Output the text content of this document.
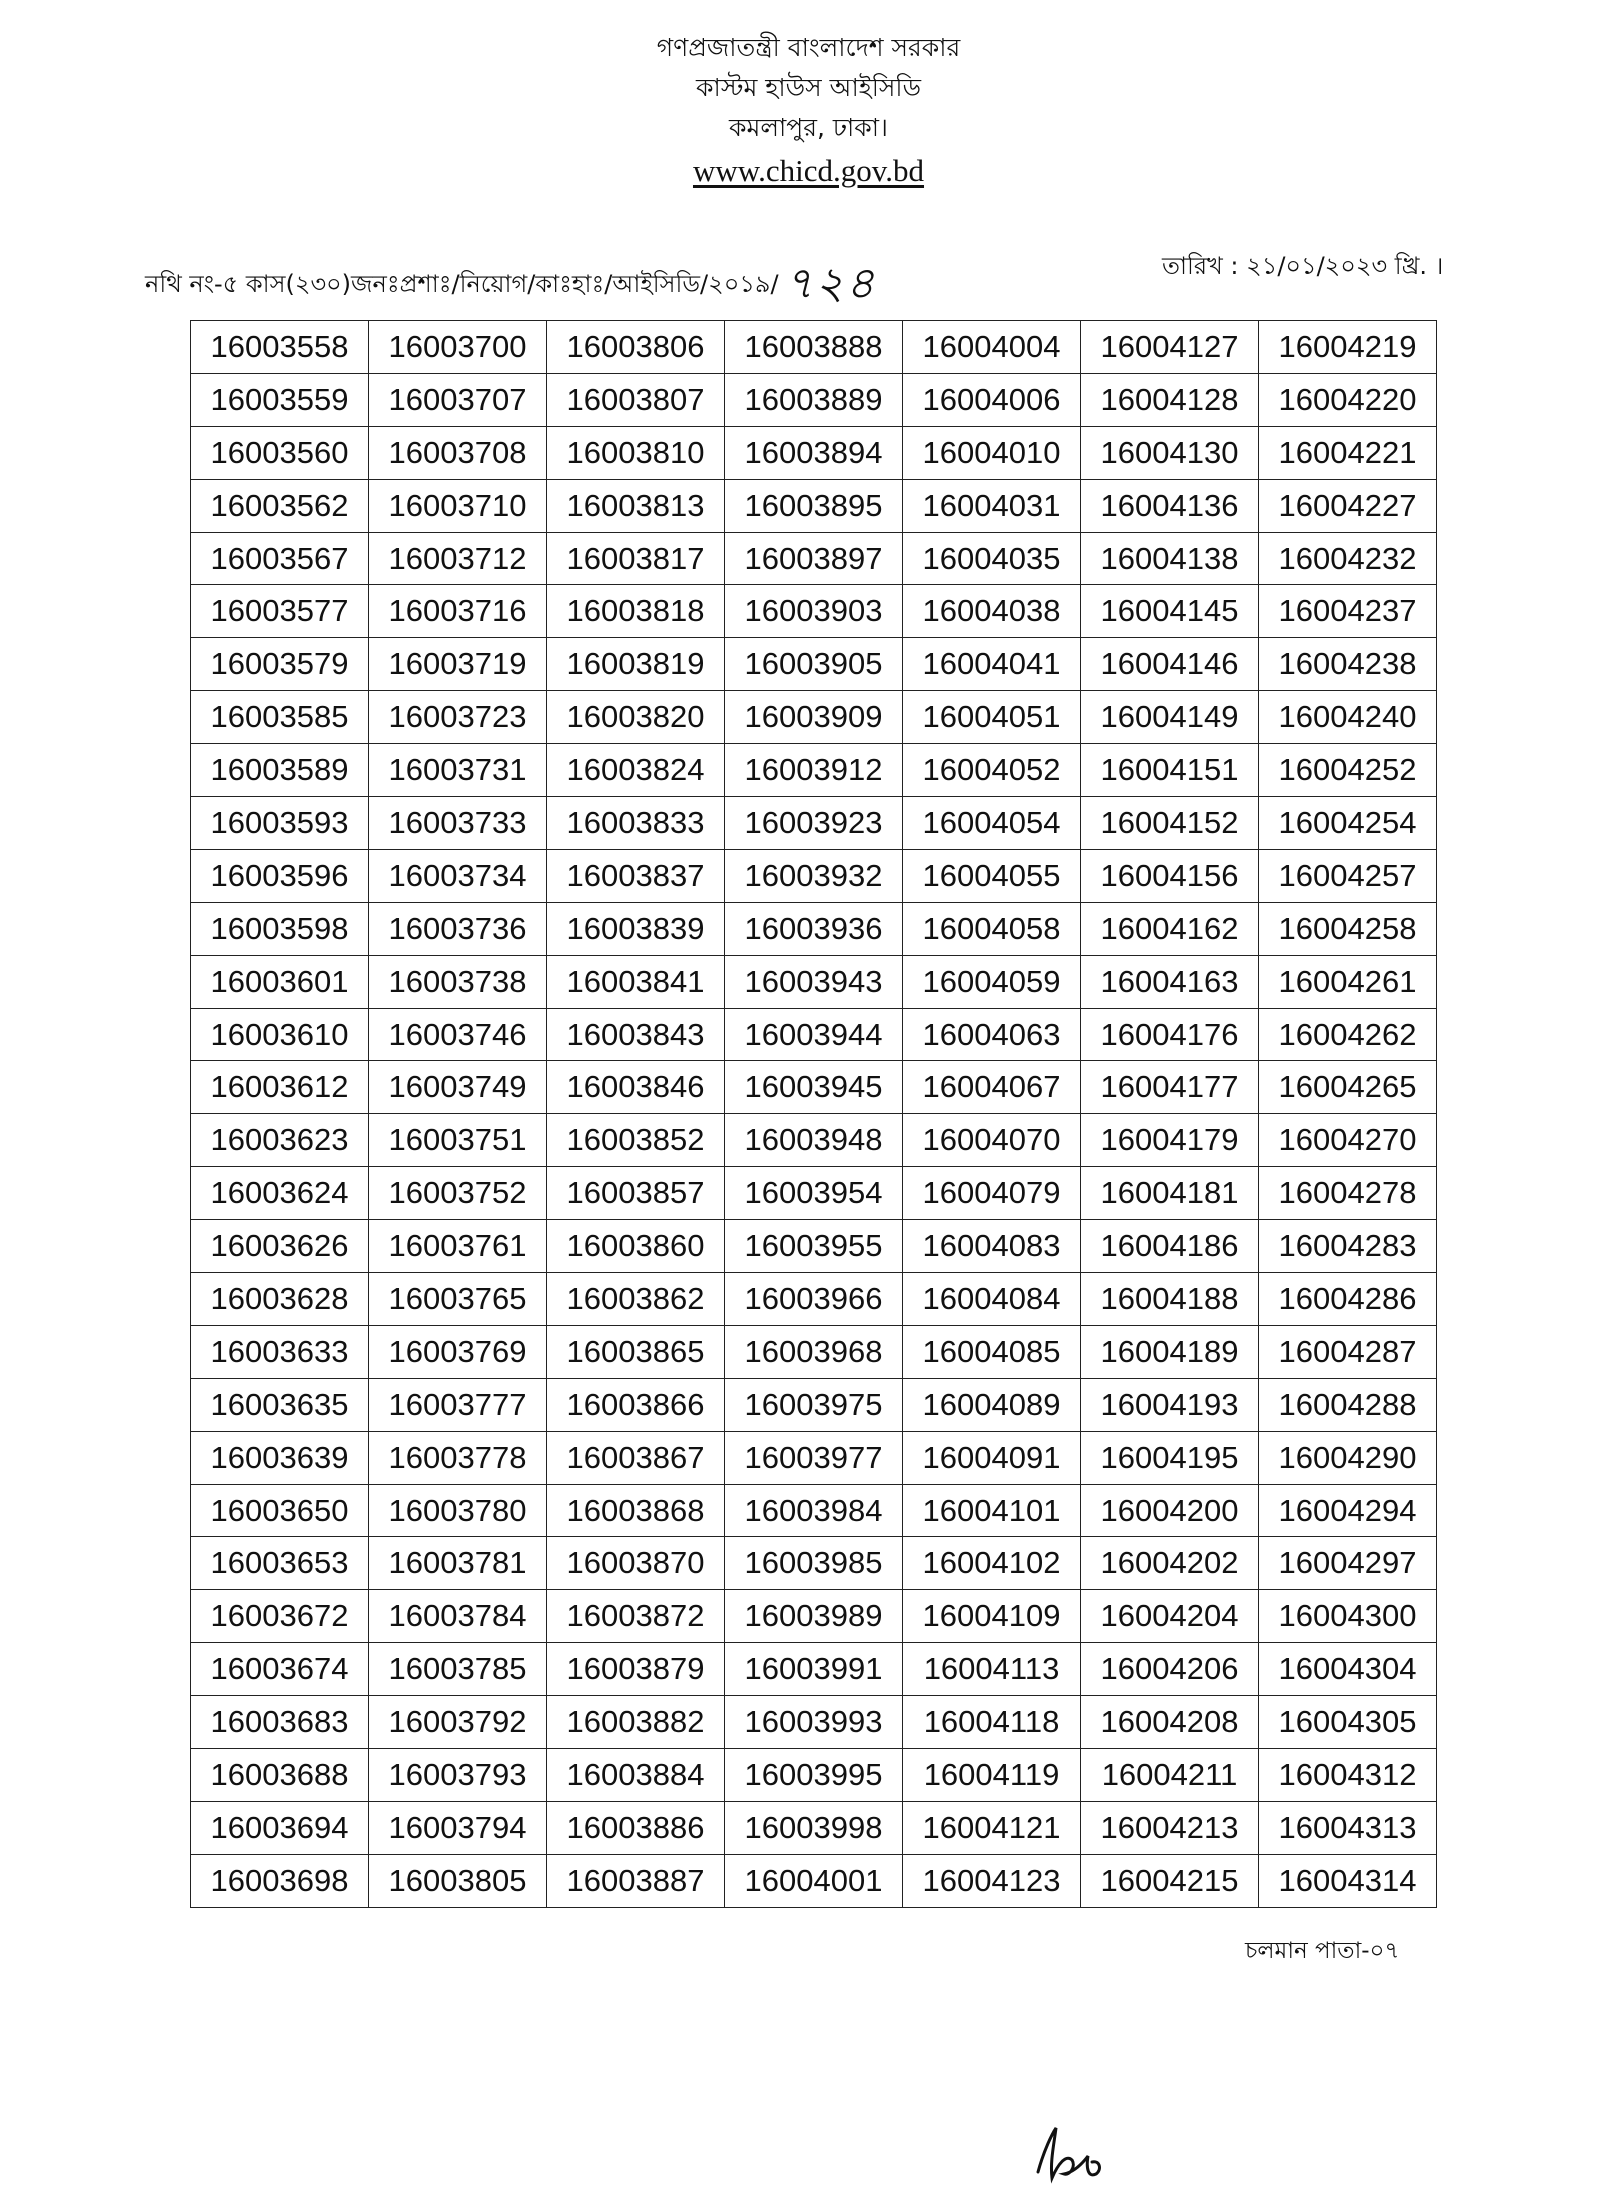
গণপ্রজাতন্ত্রী বাংলাদেশ সরকার
কাস্টম হাউস আইসিডি
কমলাপুর, ঢাকা।
www.chicd.gov.bd
নথি নং-৫ কাস(২৩০)জনঃপ্রশাঃ/নিয়োগ/কাঃহাঃ/আইসিডি/২০১৯/ ৭২৪	তারিখ : ২১/০১/২০২৩ খ্রি. ।
16003558	16003700	16003806	16003888	16004004	16004127	16004219
16003559	16003707	16003807	16003889	16004006	16004128	16004220
16003560	16003708	16003810	16003894	16004010	16004130	16004221
16003562	16003710	16003813	16003895	16004031	16004136	16004227
16003567	16003712	16003817	16003897	16004035	16004138	16004232
16003577	16003716	16003818	16003903	16004038	16004145	16004237
16003579	16003719	16003819	16003905	16004041	16004146	16004238
16003585	16003723	16003820	16003909	16004051	16004149	16004240
16003589	16003731	16003824	16003912	16004052	16004151	16004252
16003593	16003733	16003833	16003923	16004054	16004152	16004254
16003596	16003734	16003837	16003932	16004055	16004156	16004257
16003598	16003736	16003839	16003936	16004058	16004162	16004258
16003601	16003738	16003841	16003943	16004059	16004163	16004261
16003610	16003746	16003843	16003944	16004063	16004176	16004262
16003612	16003749	16003846	16003945	16004067	16004177	16004265
16003623	16003751	16003852	16003948	16004070	16004179	16004270
16003624	16003752	16003857	16003954	16004079	16004181	16004278
16003626	16003761	16003860	16003955	16004083	16004186	16004283
16003628	16003765	16003862	16003966	16004084	16004188	16004286
16003633	16003769	16003865	16003968	16004085	16004189	16004287
16003635	16003777	16003866	16003975	16004089	16004193	16004288
16003639	16003778	16003867	16003977	16004091	16004195	16004290
16003650	16003780	16003868	16003984	16004101	16004200	16004294
16003653	16003781	16003870	16003985	16004102	16004202	16004297
16003672	16003784	16003872	16003989	16004109	16004204	16004300
16003674	16003785	16003879	16003991	16004113	16004206	16004304
16003683	16003792	16003882	16003993	16004118	16004208	16004305
16003688	16003793	16003884	16003995	16004119	16004211	16004312
16003694	16003794	16003886	16003998	16004121	16004213	16004313
16003698	16003805	16003887	16004001	16004123	16004215	16004314
চলমান পাতা-০৭
